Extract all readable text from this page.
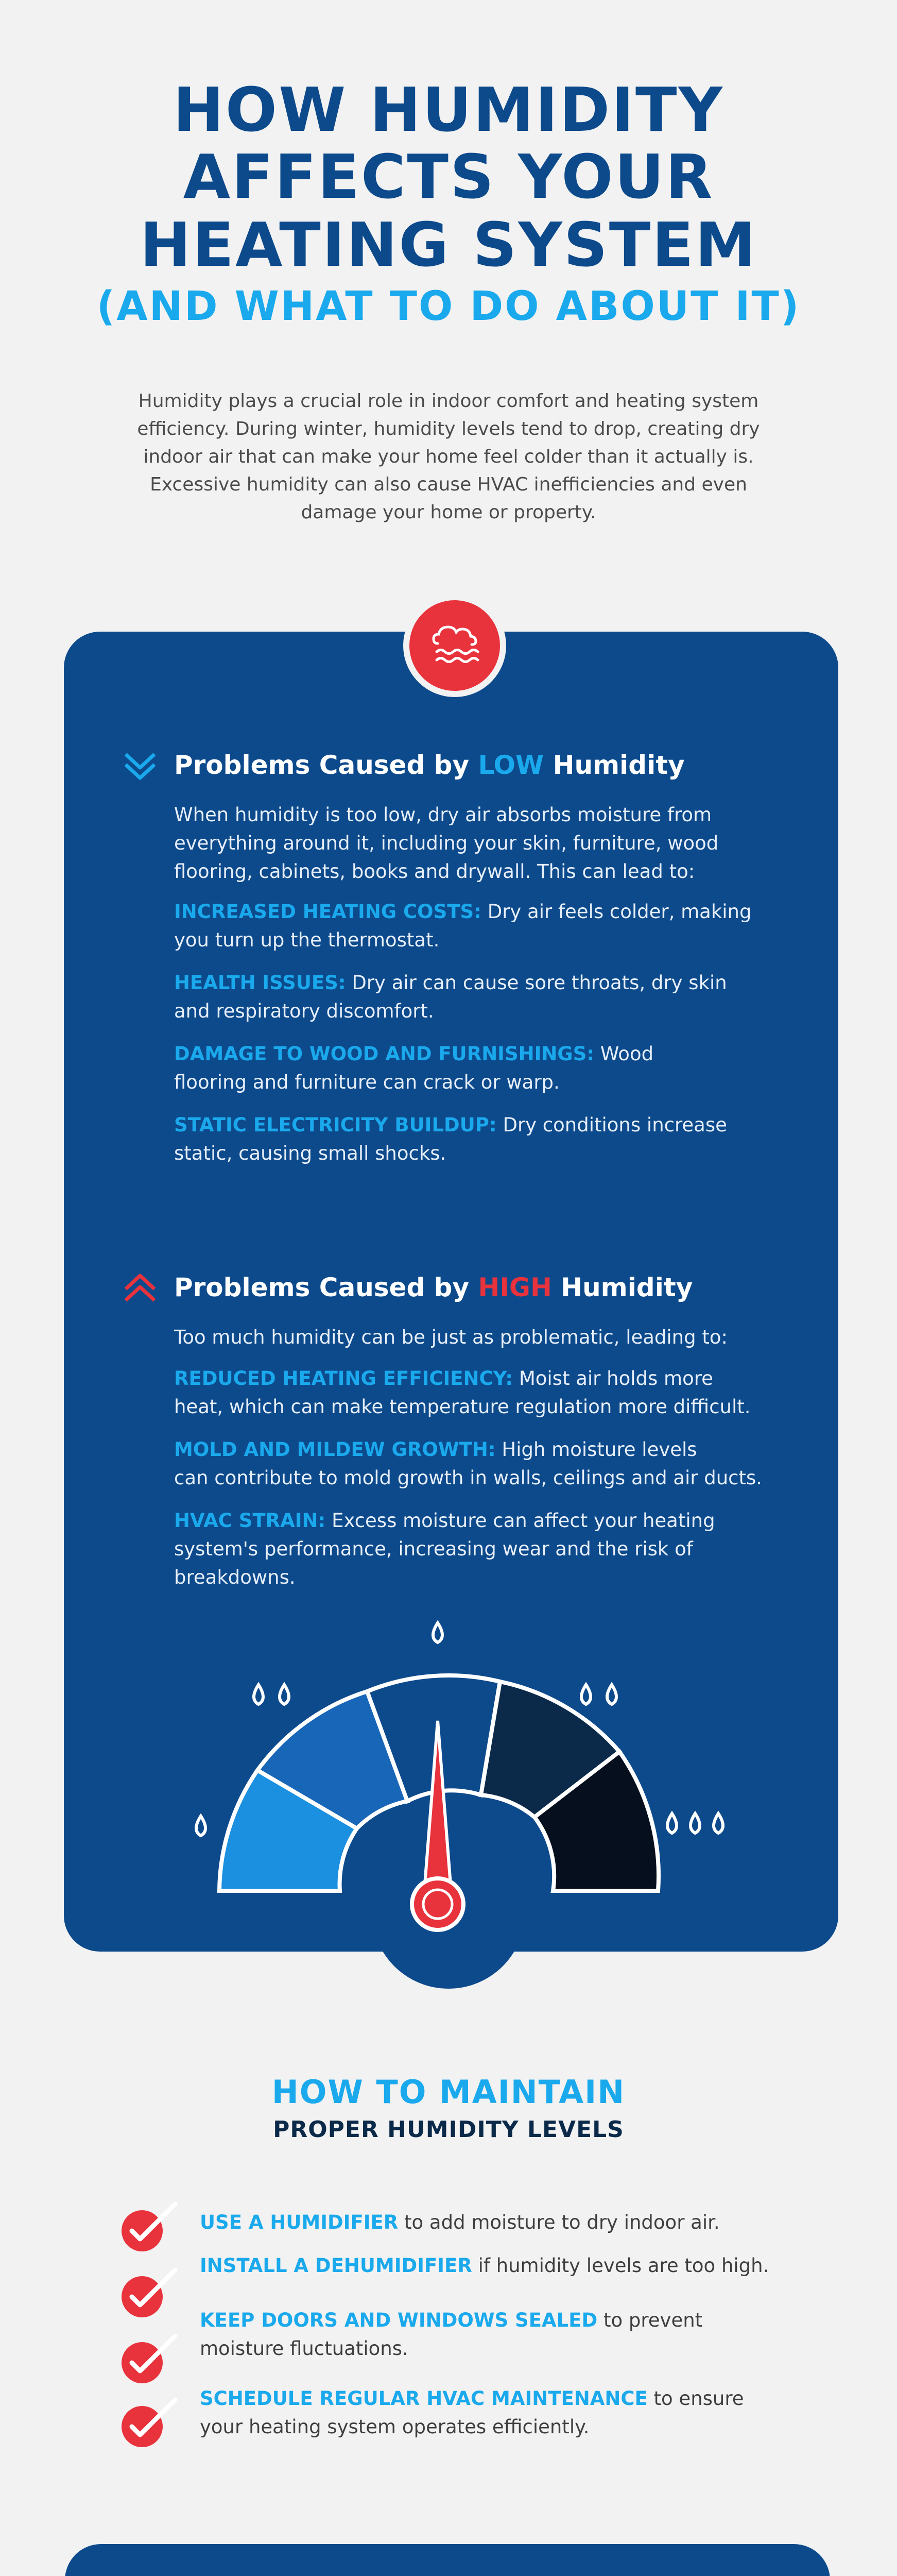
HOW HUMIDITY
AFFECTS YOUR
HEATING SYSTEM
(AND WHAT TO DO ABOUT IT)
Humidity plays a crucial role in indoor comfort and heating system
efficiency. During winter, humidity levels tend to drop, creating dry
indoor air that can make your home feel colder than it actually is.
Excessive humidity can also cause HVAC inefficiencies and even
damage your home or property.
Problems Caused by LOW Humidity
When humidity is too low, dry air absorbs moisture from
everything around it, including your skin, furniture, wood
flooring, cabinets, books and drywall. This can lead to:
INCREASED HEATING COSTS: Dry air feels colder, making
you turn up the thermostat.
HEALTH ISSUES: Dry air can cause sore throats, dry skin
and respiratory discomfort.
DAMAGE TO WOOD AND FURNISHINGS: Wood
flooring and furniture can crack or warp.
STATIC ELECTRICITY BUILDUP: Dry conditions increase
static, causing small shocks.
Problems Caused by HIGH Humidity
Too much humidity can be just as problematic, leading to:
REDUCED HEATING EFFICIENCY: Moist air holds more
heat, which can make temperature regulation more difficult.
MOLD AND MILDEW GROWTH: High moisture levels
can contribute to mold growth in walls, ceilings and air ducts.
HVAC STRAIN: Excess moisture can affect your heating
system's performance, increasing wear and the risk of
breakdowns.
HOW TO MAINTAIN
PROPER HUMIDITY LEVELS
USE A HUMIDIFIER to add moisture to dry indoor air.
INSTALL A DEHUMIDIFIER if humidity levels are too high.
KEEP DOORS AND WINDOWS SEALED to prevent
moisture fluctuations.
SCHEDULE REGULAR HVAC MAINTENANCE to ensure
your heating system operates efficiently.
